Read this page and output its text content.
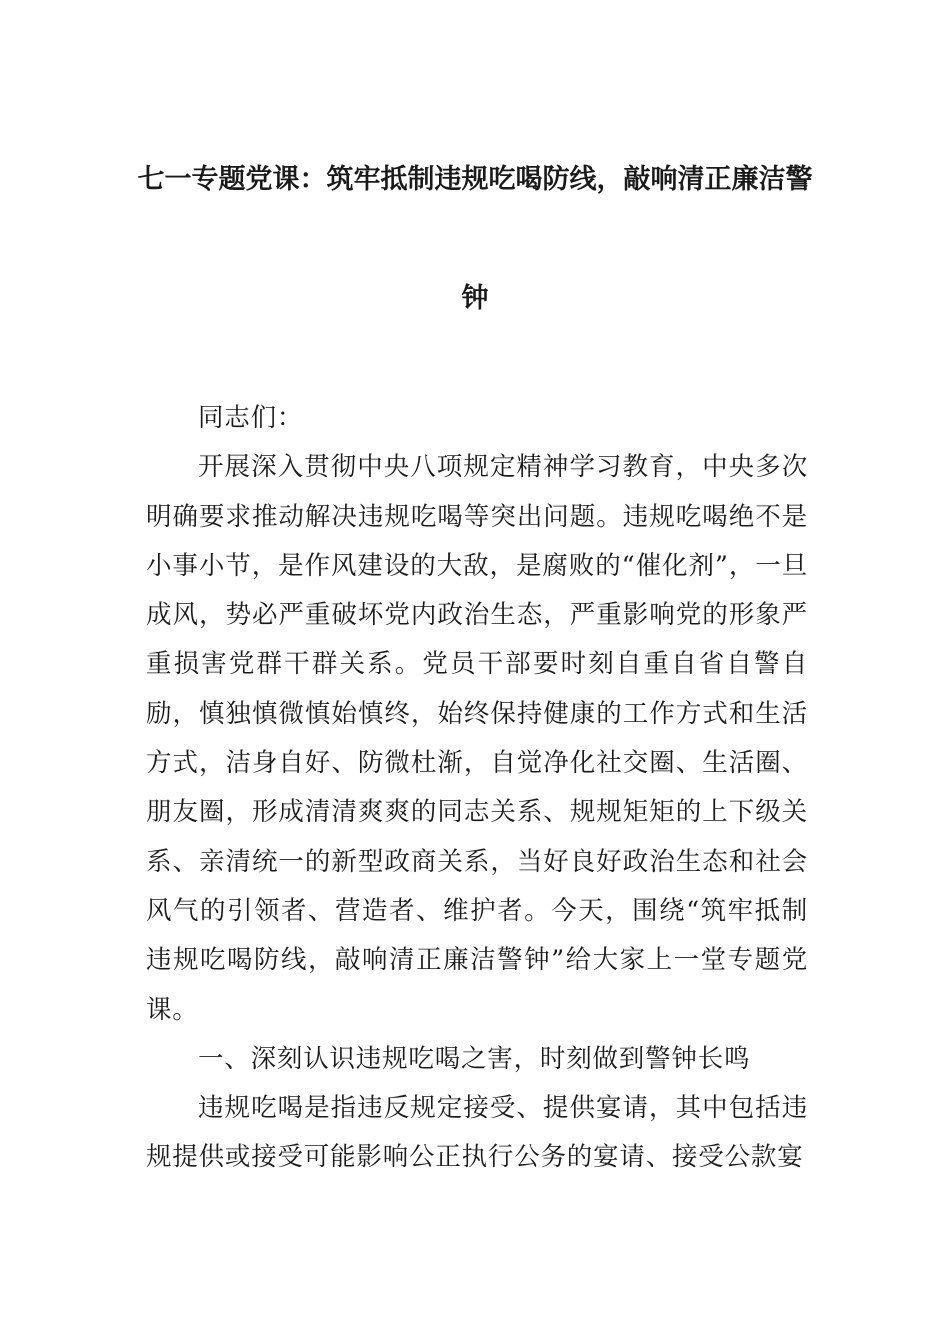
七一专题党课：筑牢抵制违规吃喝防线，敲响清正廉洁警
钟

同志们：

开展深入贯彻中央八项规定精神学习教育，中央多次明确要求推动解决违规吃喝等突出问题。违规吃喝绝不是小事小节，是作风建设的大敌，是腐败的“催化剂”，一旦成风，势必严重破坏党内政治生态，严重影响党的形象严重损害党群干群关系。党员干部要时刻自重自省自警自励，慎独慎微慎始慎终，始终保持健康的工作方式和生活方式，洁身自好、防微杜渐，自觉净化社交圈、生活圈、朋友圈，形成清清爽爽的同志关系、规规矩矩的上下级关系、亲清统一的新型政商关系，当好良好政治生态和社会风气的引领者、营造者、维护者。今天，围绕“筑牢抵制违规吃喝防线，敲响清正廉洁警钟”给大家上一堂专题党课。

一、深刻认识违规吃喝之害，时刻做到警钟长鸣

违规吃喝是指违反规定接受、提供宴请，其中包括违规提供或接受可能影响公正执行公务的宴请、接受公款宴
